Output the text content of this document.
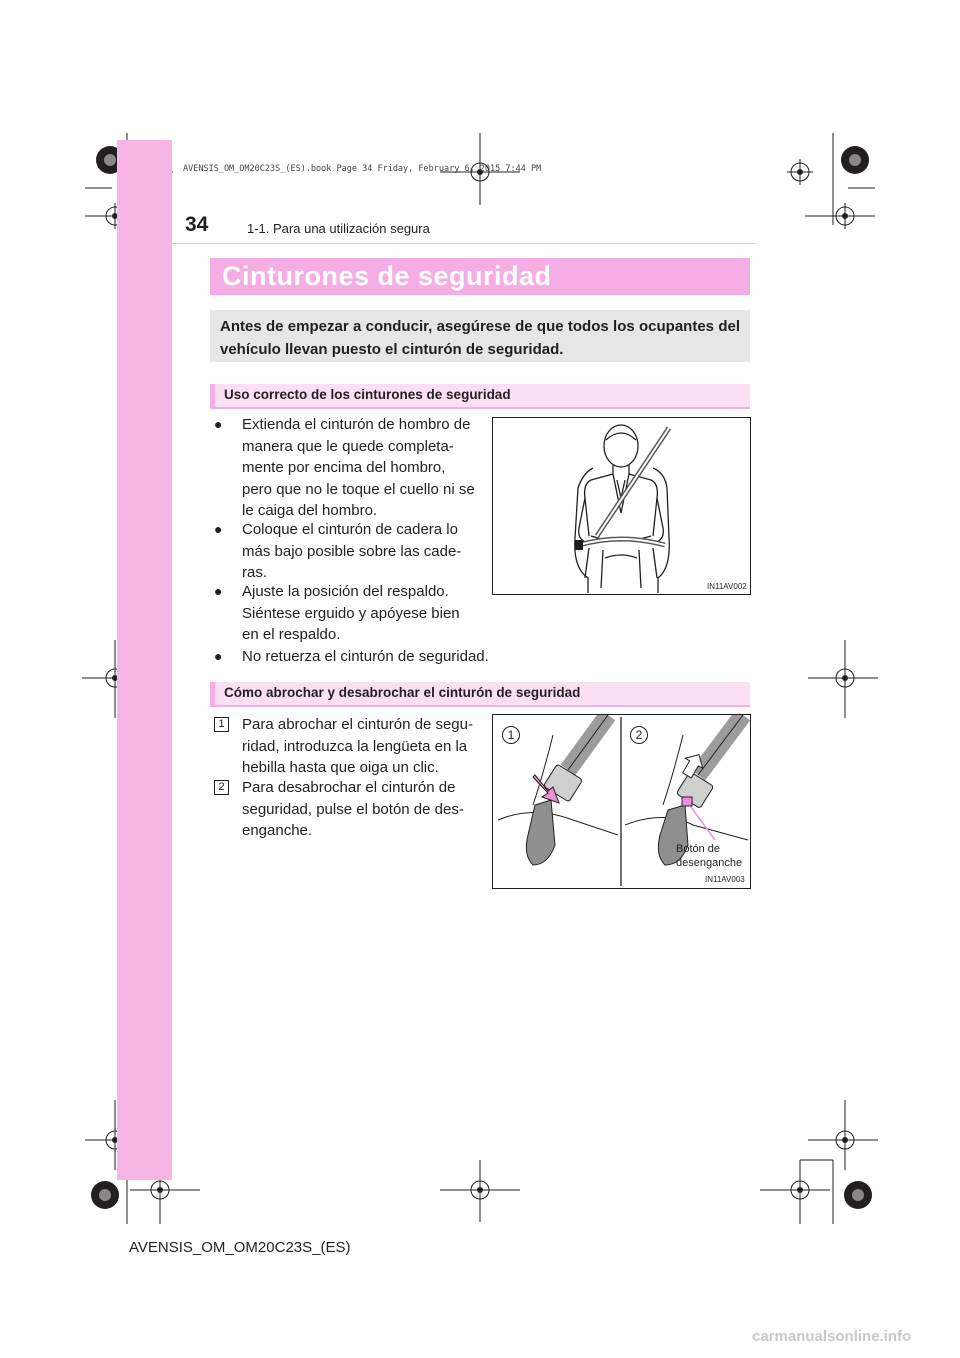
AVENSIS_OM_OM20C23S_(ES).book Page 34 Friday, February 6, 2015 7:44 PM
34	1-1. Para una utilización segura
Cinturones de seguridad
Antes de empezar a conducir, asegúrese de que todos los ocupantes del vehículo llevan puesto el cinturón de seguridad.
Uso correcto de los cinturones de seguridad
● Extienda el cinturón de hombro de
manera que le quede completa-
mente por encima del hombro,
pero que no le toque el cuello ni se
le caiga del hombro.
● Coloque el cinturón de cadera lo
más bajo posible sobre las cade-
ras.
● Ajuste la posición del respaldo.
Siéntese erguido y apóyese bien
en el respaldo.
● No retuerza el cinturón de seguridad.
IN11AV002
Cómo abrochar y desabrochar el cinturón de seguridad
1 Para abrochar el cinturón de segu-
ridad, introduzca la lengüeta en la
hebilla hasta que oiga un clic.
2 Para desabrochar el cinturón de
seguridad, pulse el botón de des-
enganche.
1	2
Botón de
desenganche
IN11AV003
AVENSIS_OM_OM20C23S_(ES)
carmanualsonline.info
